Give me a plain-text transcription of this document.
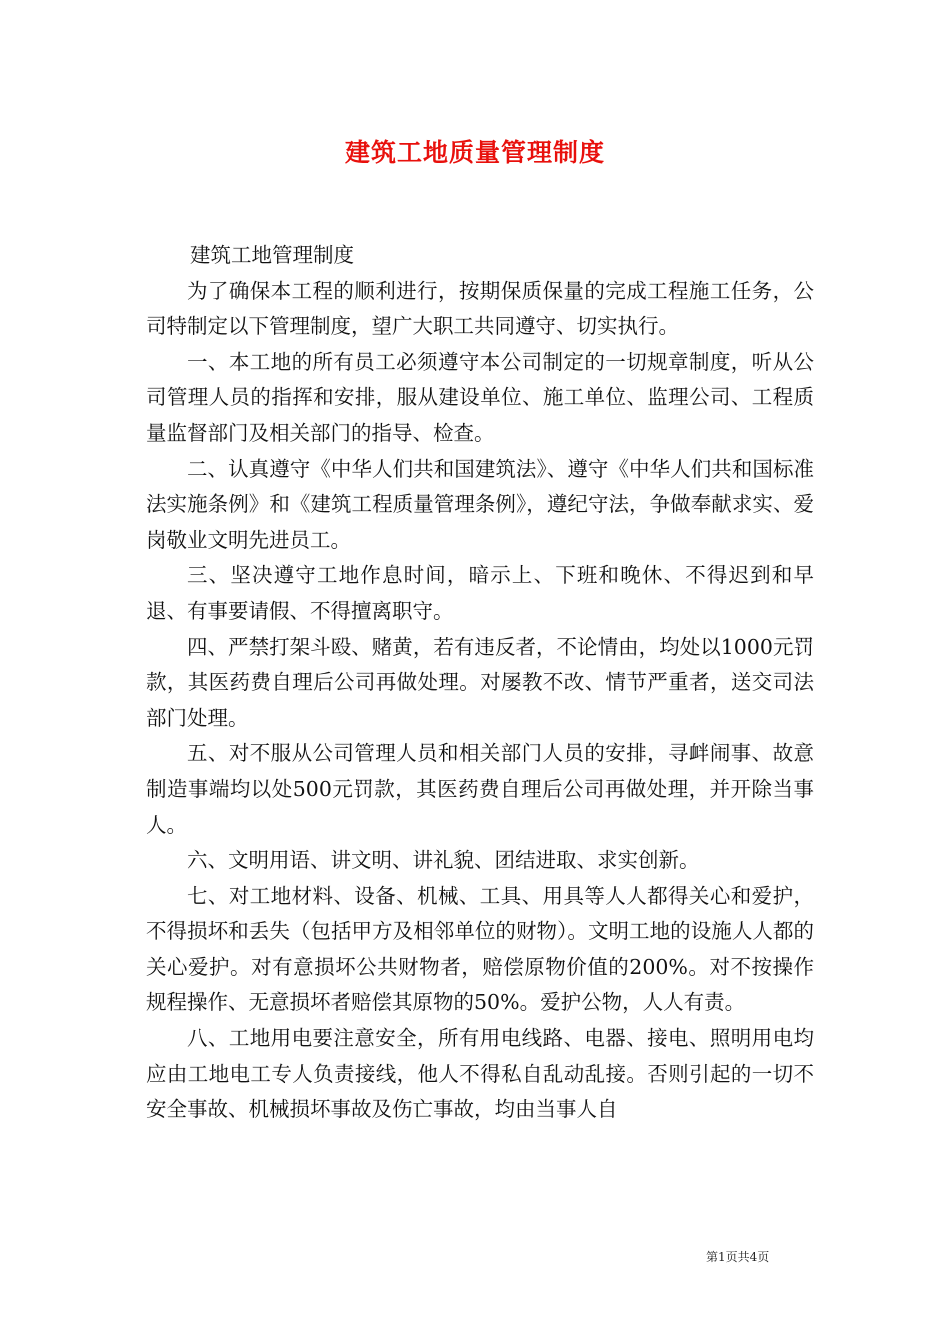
建筑工地质量管理制度

建筑工地管理制度

为了确保本工程的顺利进行，按期保质保量的完成工程施工任务，公司特制定以下管理制度，望广大职工共同遵守、切实执行。

一、本工地的所有员工必须遵守本公司制定的一切规章制度，听从公司管理人员的指挥和安排，服从建设单位、施工单位、监理公司、工程质量监督部门及相关部门的指导、检查。

二、认真遵守《中华人们共和国建筑法》、遵守《中华人们共和国标准法实施条例》和《建筑工程质量管理条例》，遵纪守法，争做奉献求实、爱岗敬业文明先进员工。

三、坚决遵守工地作息时间，暗示上、下班和晚休、不得迟到和早退、有事要请假、不得擅离职守。

四、严禁打架斗殴、赌黄，若有违反者，不论情由，均处以1000元罚款，其医药费自理后公司再做处理。对屡教不改、情节严重者，送交司法部门处理。

五、对不服从公司管理人员和相关部门人员的安排，寻衅闹事、故意制造事端均以处500元罚款，其医药费自理后公司再做处理，并开除当事人。

六、文明用语、讲文明、讲礼貌、团结进取、求实创新。

七、对工地材料、设备、机械、工具、用具等人人都得关心和爱护，不得损坏和丢失（包括甲方及相邻单位的财物）。文明工地的设施人人都的关心爱护。对有意损坏公共财物者，赔偿原物价值的200%。对不按操作规程操作、无意损坏者赔偿其原物的50%。爱护公物，人人有责。

八、工地用电要注意安全，所有用电线路、电器、接电、照明用电均应由工地电工专人负责接线，他人不得私自乱动乱接。否则引起的一切不安全事故、机械损坏事故及伤亡事故，均由当事人自

第1页共4页
